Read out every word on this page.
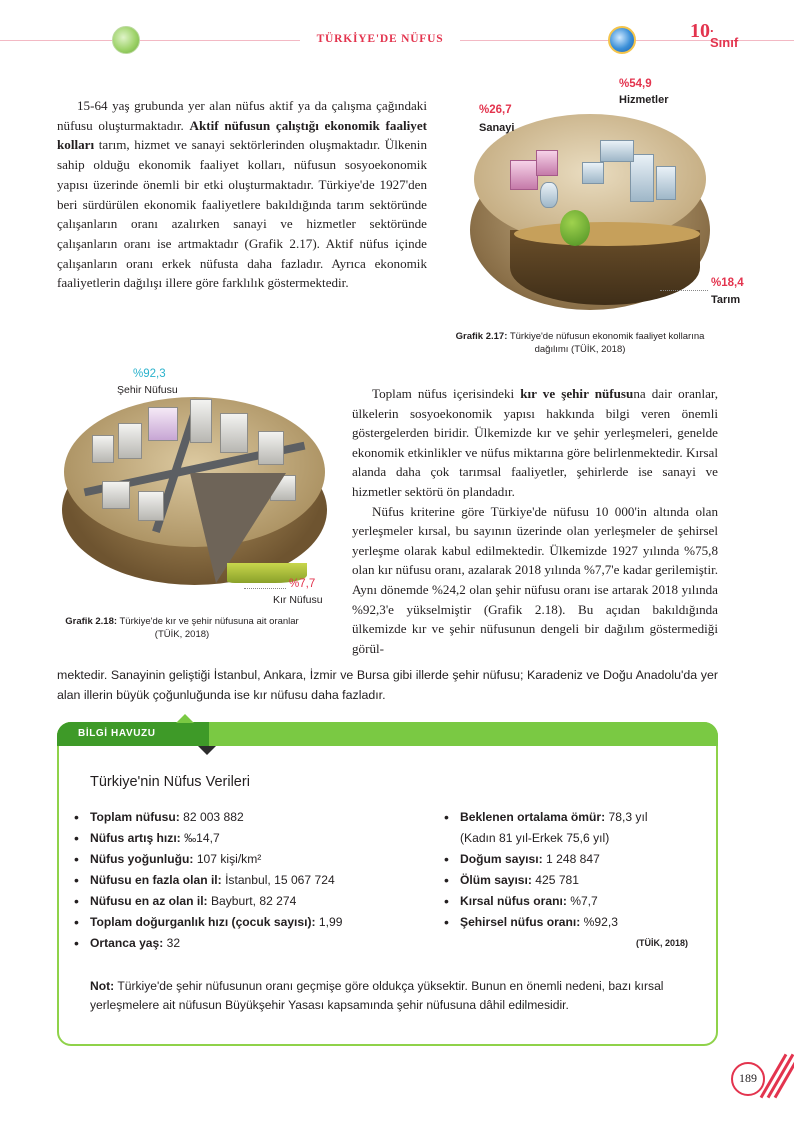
TÜRKİYE'DE NÜFUS	10 . Sınıf

15-64 yaş grubunda yer alan nüfus aktif ya da çalışma çağındaki nüfusu oluşturmaktadır. Aktif nüfusun çalıştığı ekonomik faaliyet kolları tarım, hizmet ve sanayi sektörlerinden oluşmaktadır. Ülkenin sahip olduğu ekonomik faaliyet kolları, nüfusun sosyoekonomik yapısı üzerinde önemli bir etki oluşturmaktadır. Türkiye'de 1927'den beri sürdürülen ekonomik faaliyetlere bakıldığında tarım sektöründe çalışanların oranı azalırken sanayi ve hizmetler sektöründe çalışanların oranı ise artmaktadır (Grafik 2.17). Aktif nüfus içinde çalışanların oranı erkek nüfusta daha fazladır. Ayrıca ekonomik faaliyetlerin dağılışı illere göre farklılık göstermektedir.

%54,9
Hizmetler
%26,7
Sanayi
%18,4
Tarım
Grafik 2.17: Türkiye'de nüfusun ekonomik faaliyet kollarına dağılımı (TÜİK, 2018)
%92,3
Şehir Nüfusu
%7,7
Kır Nüfusu
Grafik 2.18: Türkiye'de kır ve şehir nüfusuna ait oranlar (TÜİK, 2018)
Toplam nüfus içerisindeki kır ve şehir nüfusuna dair oranlar, ülkelerin sosyoekonomik yapısı hakkında bilgi veren önemli göstergelerden biridir. Ülkemizde kır ve şehir yerleşmeleri, genelde ekonomik etkinlikler ve nüfus miktarına göre belirlenmektedir. Kırsal alanda daha çok tarımsal faaliyetler, şehirlerde ise sanayi ve hizmetler sektörü ön plandadır.
Nüfus kriterine göre Türkiye'de nüfusu 10 000'in altında olan yerleşmeler kırsal, bu sayının üzerinde olan yerleşmeler de şehirsel yerleşme olarak kabul edilmektedir. Ülkemizde 1927 yılında %75,8 olan kır nüfusu oranı, azalarak 2018 yılında %7,7'e kadar gerilemiştir. Aynı dönemde %24,2 olan şehir nüfusu oranı ise artarak 2018 yılında %92,3'e yükselmiştir (Grafik 2.18). Bu açıdan bakıldığında ülkemizde kır ve şehir nüfusunun dengeli bir dağılım göstermediği görül-

mektedir. Sanayinin geliştiği İstanbul, Ankara, İzmir ve Bursa gibi illerde şehir nüfusu; Karadeniz ve Doğu Anadolu'da yer alan illerin büyük çoğunluğunda ise kır nüfusu daha fazladır.

BİLGİ HAVUZU
Türkiye'nin Nüfus Verileri
• Toplam nüfusu: 82 003 882
• Nüfus artış hızı: ‰14,7
• Nüfus yoğunluğu: 107 kişi/km²
• Nüfusu en fazla olan il: İstanbul, 15 067 724
• Nüfusu en az olan il: Bayburt, 82 274
• Toplam doğurganlık hızı (çocuk sayısı): 1,99
• Ortanca yaş: 32
• Beklenen ortalama ömür: 78,3 yıl
(Kadın 81 yıl-Erkek 75,6 yıl)
• Doğum sayısı: 1 248 847
• Ölüm sayısı: 425 781
• Kırsal nüfus oranı: %7,7
• Şehirsel nüfus oranı: %92,3
(TÜİK, 2018)

Not: Türkiye'de şehir nüfusunun oranı geçmişe göre oldukça yüksektir. Bunun en önemli nedeni, bazı kırsal yerleşmelere ait nüfusun Büyükşehir Yasası kapsamında şehir nüfusuna dâhil edilmesidir.

189
